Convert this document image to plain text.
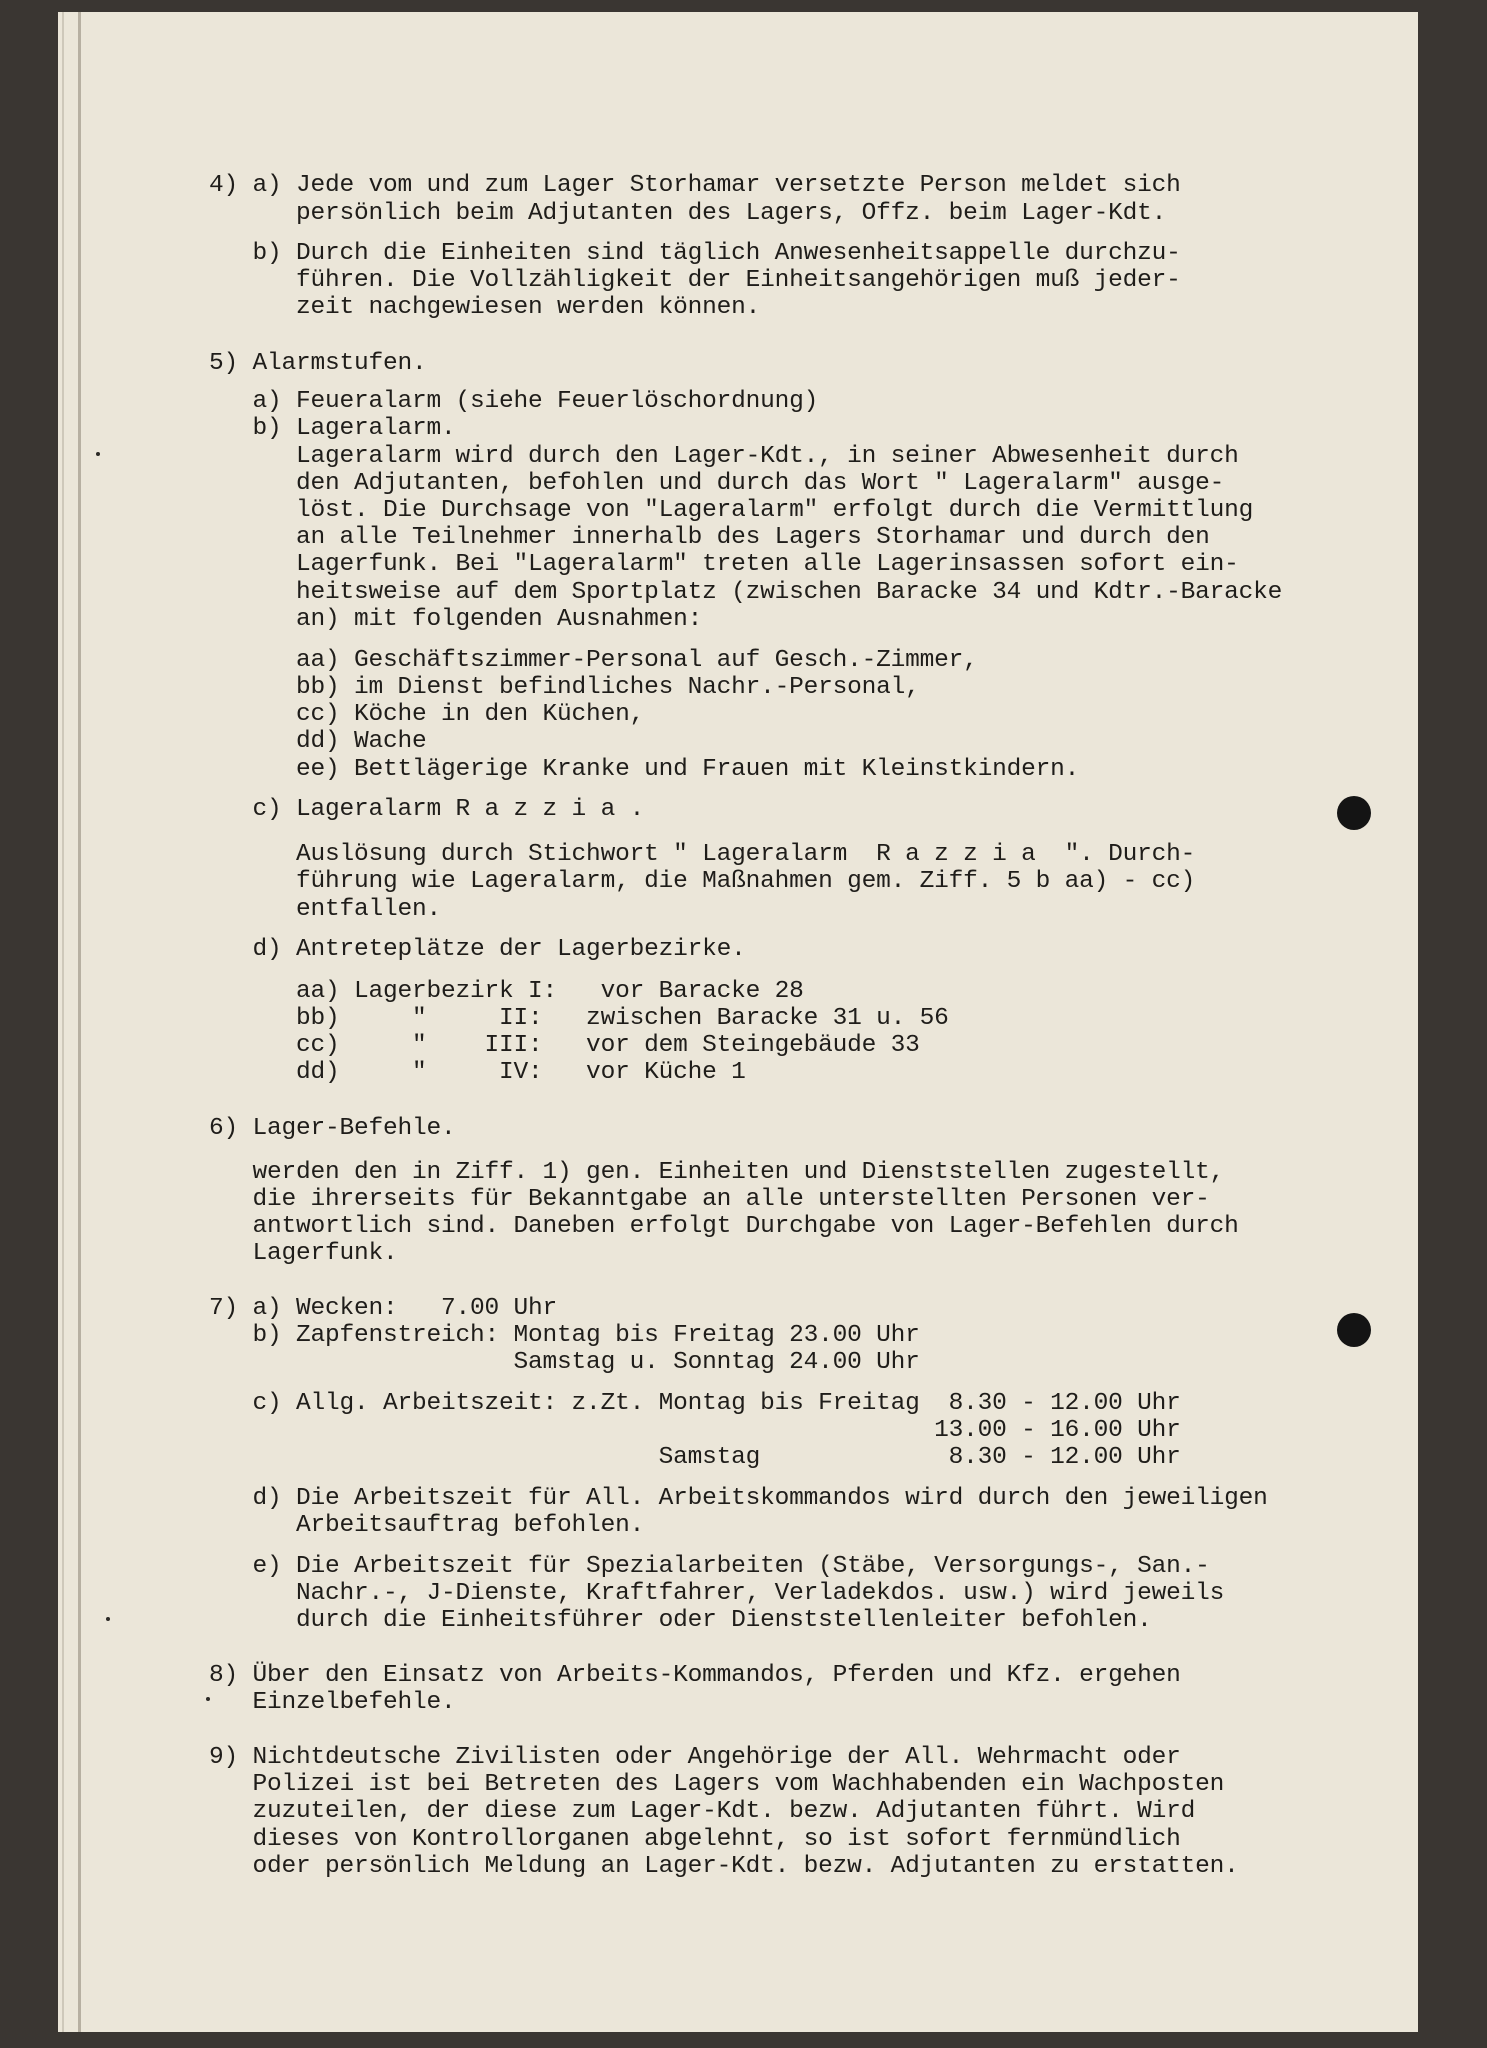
4) a) Jede vom und zum Lager Storhamar versetzte Person meldet sich
persönlich beim Adjutanten des Lagers, Offz. beim Lager-Kdt.
b) Durch die Einheiten sind täglich Anwesenheitsappelle durchzu-
führen. Die Vollzähligkeit der Einheitsangehörigen muß jeder-
zeit nachgewiesen werden können.
5) Alarmstufen.
a) Feueralarm (siehe Feuerlöschordnung)
b) Lageralarm.
Lageralarm wird durch den Lager-Kdt., in seiner Abwesenheit durch
den Adjutanten, befohlen und durch das Wort " Lageralarm" ausge-
löst. Die Durchsage von "Lageralarm" erfolgt durch die Vermittlung
an alle Teilnehmer innerhalb des Lagers Storhamar und durch den
Lagerfunk. Bei "Lageralarm" treten alle Lagerinsassen sofort ein-
heitsweise auf dem Sportplatz (zwischen Baracke 34 und Kdtr.-Baracke
an) mit folgenden Ausnahmen:
aa) Geschäftszimmer-Personal auf Gesch.-Zimmer,
bb) im Dienst befindliches Nachr.-Personal,
cc) Köche in den Küchen,
dd) Wache
ee) Bettlägerige Kranke und Frauen mit Kleinstkindern.
c) Lageralarm R a z z i a .
Auslösung durch Stichwort " Lageralarm  R a z z i a  ". Durch-
führung wie Lageralarm, die Maßnahmen gem. Ziff. 5 b aa) - cc)
entfallen.
d) Antreteplätze der Lagerbezirke.
aa) Lagerbezirk I:   vor Baracke 28
bb)     "     II:   zwischen Baracke 31 u. 56
cc)     "    III:   vor dem Steingebäude 33
dd)     "     IV:   vor Küche 1
6) Lager-Befehle.
werden den in Ziff. 1) gen. Einheiten und Dienststellen zugestellt,
die ihrerseits für Bekanntgabe an alle unterstellten Personen ver-
antwortlich sind. Daneben erfolgt Durchgabe von Lager-Befehlen durch
Lagerfunk.
7) a) Wecken:   7.00 Uhr
b) Zapfenstreich: Montag bis Freitag 23.00 Uhr
Samstag u. Sonntag 24.00 Uhr
c) Allg. Arbeitszeit: z.Zt. Montag bis Freitag  8.30 - 12.00 Uhr
13.00 - 16.00 Uhr
Samstag             8.30 - 12.00 Uhr
d) Die Arbeitszeit für All. Arbeitskommandos wird durch den jeweiligen
Arbeitsauftrag befohlen.
e) Die Arbeitszeit für Spezialarbeiten (Stäbe, Versorgungs-, San.-
Nachr.-, J-Dienste, Kraftfahrer, Verladekdos. usw.) wird jeweils
durch die Einheitsführer oder Dienststellenleiter befohlen.
8) Über den Einsatz von Arbeits-Kommandos, Pferden und Kfz. ergehen
Einzelbefehle.
9) Nichtdeutsche Zivilisten oder Angehörige der All. Wehrmacht oder
Polizei ist bei Betreten des Lagers vom Wachhabenden ein Wachposten
zuzuteilen, der diese zum Lager-Kdt. bezw. Adjutanten führt. Wird
dieses von Kontrollorganen abgelehnt, so ist sofort fernmündlich
oder persönlich Meldung an Lager-Kdt. bezw. Adjutanten zu erstatten.
